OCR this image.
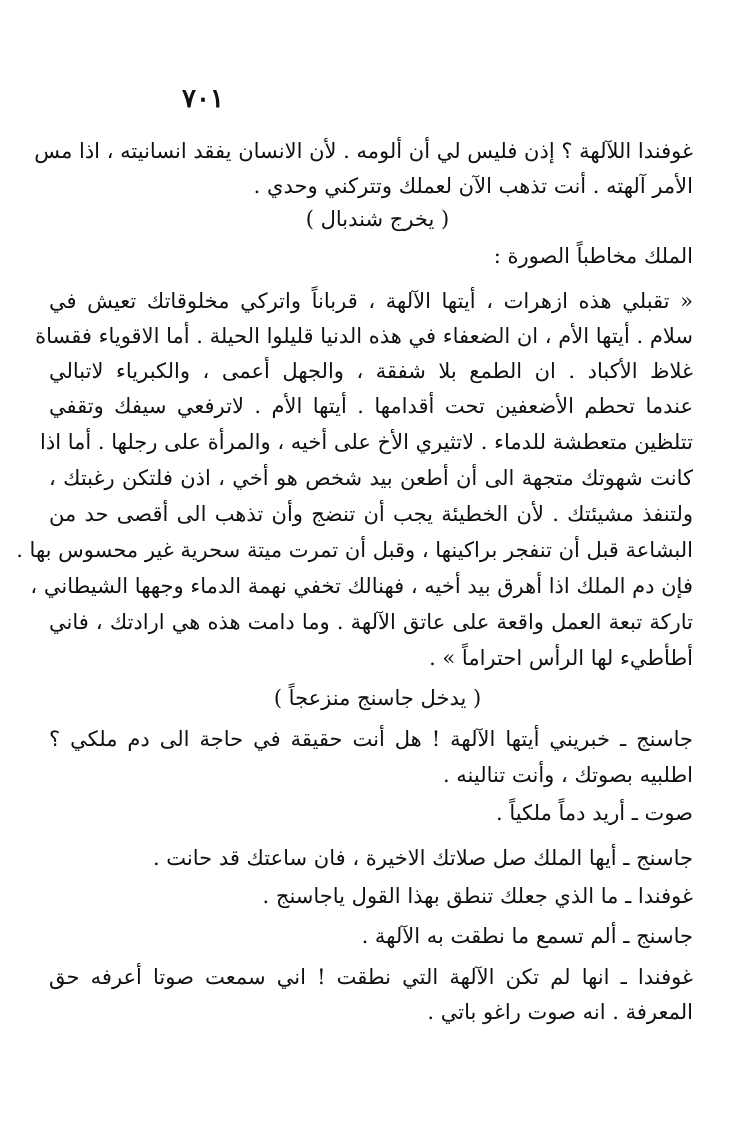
٧٠١
غوفندا اللآلهة ؟ إذن فليس لي أن ألومه . لأن الانسان يفقد انسانيته ، اذا مس
الأمر آلهته . أنت تذهب الآن لعملك وتتركني وحدي .
( يخرج شندبال )
الملك مخاطباً الصورة :
« تقبلي هذه ازهرات ، أيتها الآلهة ، قرباناً واتركي مخلوقاتك تعيش في
سلام . أيتها الأم ، ان الضعفاء في هذه الدنيا قليلوا الحيلة . أما الاقوياء فقساة
غلاظ الأكباد . ان الطمع بلا شفقة ، والجهل أعمى ، والكبرياء لاتبالي
عندما تحطم الأضعفين تحت أقدامها . أيتها الأم . لاترفعي سيفك وتقفي
تتلظين متعطشة للدماء . لاتثيري الأخ على أخيه ، والمرأة على رجلها . أما اذا
كانت شهوتك متجهة الى أن أطعن بيد شخص هو أخي ، اذن فلتكن رغبتك ،
ولتنفذ مشيئتك . لأن الخطيئة يجب أن تنضج وأن تذهب الى أقصى حد من
البشاعة قبل أن تنفجر براكينها ، وقبل أن تمرت ميتة سحرية غير محسوس بها .
فإن دم الملك اذا أهرق بيد أخيه ، فهنالك تخفي نهمة الدماء وجهها الشيطاني ،
تاركة تبعة العمل واقعة على عاتق الآلهة . وما دامت هذه هي ارادتك ، فاني
أطأطيء لها الرأس احتراماً » .
( يدخل جاسنج منزعجاً )
جاسنج ـ خبريني أيتها الآلهة ! هل أنت حقيقة في حاجة الى دم ملكي ؟
اطلبيه بصوتك ، وأنت تنالينه .
صوت ـ أريد دماً ملكياً .
جاسنج ـ أيها الملك صل صلاتك الاخيرة ، فان ساعتك قد حانت .
غوفندا ـ ما الذي جعلك تنطق بهذا القول ياجاسنج .
جاسنج ـ ألم تسمع ما نطقت به الآلهة .
غوفندا ـ انها لم تكن الآلهة التي نطقت ! اني سمعت صوتا أعرفه حق
المعرفة . انه صوت راغو باتي .
